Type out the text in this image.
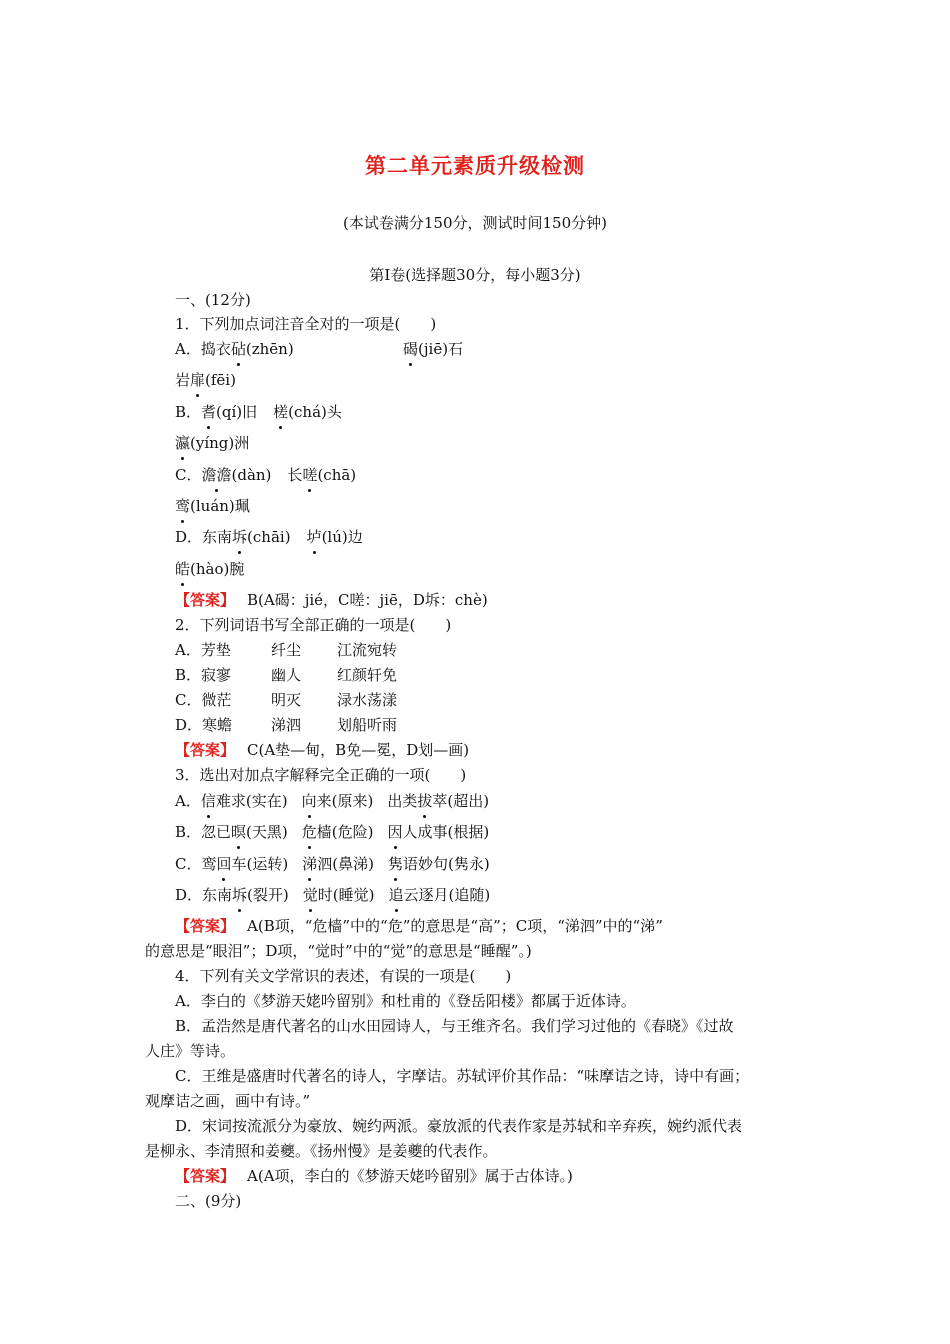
第二单元素质升级检测
(本试卷满分150分，测试时间150分钟)
第Ⅰ卷(选择题30分，每小题3分)
一、(12分)
1．下列加点词注音全对的一项是(　　)
A．捣衣砧(zhēn)	碣(jiē)石
岩扉(fēi)
B．耆(qí)旧 槎(chá)头
瀛(yíng)洲
C．澹澹(dàn) 长嗟(chā)
鸾(luán)珮
D．东南坼(chāi) 垆(lú)边
皓(hào)腕
【答案】 B(A碣：jié，C嗟：jiē，D坼：chè)
2．下列词语书写全部正确的一项是(　　)
A．芳垫	纤尘 江流宛转
B．寂寥	幽人 红颜轩免
C．微茫	明灭 渌水荡漾
D．寒蟾	涕泗 划船听雨
【答案】 C(A垫—甸，B免—冕，D划—画)
3．选出对加点字解释完全正确的一项(　　)
A．信难求(实在) 向来(原来) 出类拔萃(超出)
B．忽已暝(天黑) 危樯(危险) 因人成事(根据)
C．鸾回车(运转) 涕泗(鼻涕) 隽语妙句(隽永)
D．东南坼(裂开) 觉时(睡觉) 追云逐月(追随)
【答案】 A(B项，“危樯”中的“危”的意思是“高”；C项，“涕泗”中的“涕”
的意思是“眼泪”；D项，“觉时”中的“觉”的意思是“睡醒”。)
4．下列有关文学常识的表述，有误的一项是(　　)
A．李白的《梦游天姥吟留别》和杜甫的《登岳阳楼》都属于近体诗。
B．孟浩然是唐代著名的山水田园诗人，与王维齐名。我们学习过他的《春晓》《过故
人庄》等诗。
C．王维是盛唐时代著名的诗人，字摩诘。苏轼评价其作品：“味摩诘之诗，诗中有画；
观摩诘之画，画中有诗。”
D．宋词按流派分为豪放、婉约两派。豪放派的代表作家是苏轼和辛弃疾，婉约派代表
是柳永、李清照和姜夔。《扬州慢》是姜夔的代表作。
【答案】 A(A项，李白的《梦游天姥吟留别》属于古体诗。)
二、(9分)
